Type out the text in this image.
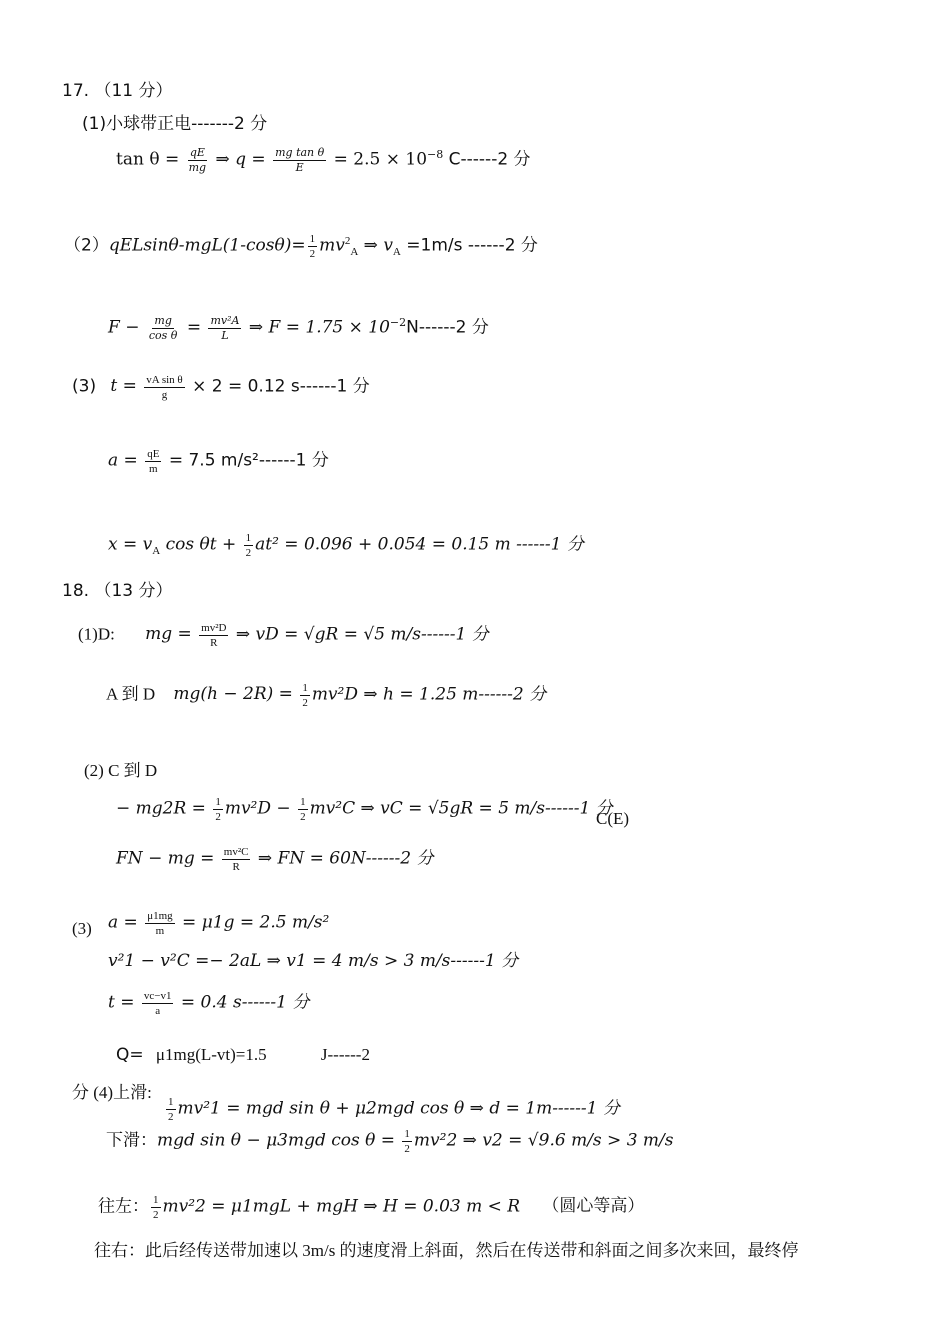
17. （11 分）
(1)小球带正电-------2 分
$\tan \theta = \frac{qE}{mg}$ ⇒ $q = \frac{\text{mg tan θ}}{E} = 2.5 \times 10^{-8}$ C------2 分
$(2)qELsin\theta-mgL(1-\cos\theta)= \frac{1}{2} mv^2_A$ ⇒ $v_A =1m/s$ ------2 分
$F - \frac{mg}{\text{cos θ}} = \frac{\text{mv²A}}{L}$ ⇒ $F = 1.75 \times 10^{-2}N------2$ 分
(3) $t = \frac{\text{vA sin θ}}{g} \times 2 = 0.12$ s------1 分
$a = \frac{qE}{m} = 7.5$ m/s²------1 分
$x = v_A$ $\cos \theta t + \frac{1}{2} at^2 = 0.096 + 0.054 = 0.15$ m ------1 分
18. （13 分）
(1)D: mg = $\frac{\text{mv²D}}{R}$ ⇒ vD = √gR = √5 m/s------1 分
A 到 D $mg(h - 2R) = \frac{1}{2} mv^2D$ ⇒ h = 1.25 m------2 分
(2) C 到 D
− $mg2R = \frac{1}{2} mv^2D - \frac{1}{2} mv^2C$ ⇒ vC = √5gR = 5 m/s------1 分
C(E)
FN − mg = $\frac{\text{mv²C}}{R}$ ⇒ FN = 60N------2 分
(3) $a = \frac{\mu 1mg}{m} = \mu 1g = 2.5$ m/s²
v²1 − v²C =− 2aL ⇒ v1 = 4 m/s > 3 m/s------1 分
$t = \frac{vc-v1}{a} = 0.4$ s------1 分
Q= μ1mg(L-vt)=1.5	J------2
分 (4)上滑:
$\frac{1}{2} mv^21$ = mgd sin θ + μ2mgd cos θ ⇒ d = 1m------1 分
下滑：mgd sin θ − μ3mgd $\cos \theta = \frac{1}{2} mv^22$ ⇒ v2 = √9.6 m/s > 3 m/s
往左： $\frac{1}{2} mv^22 = \mu 1mgL$ + mgH ⇒ H = 0.03 m < R （圆心等高）
往右：此后经传送带加速以 3m/s 的速度滑上斜面，然后在传送带和斜面之间多次来回，最终停
